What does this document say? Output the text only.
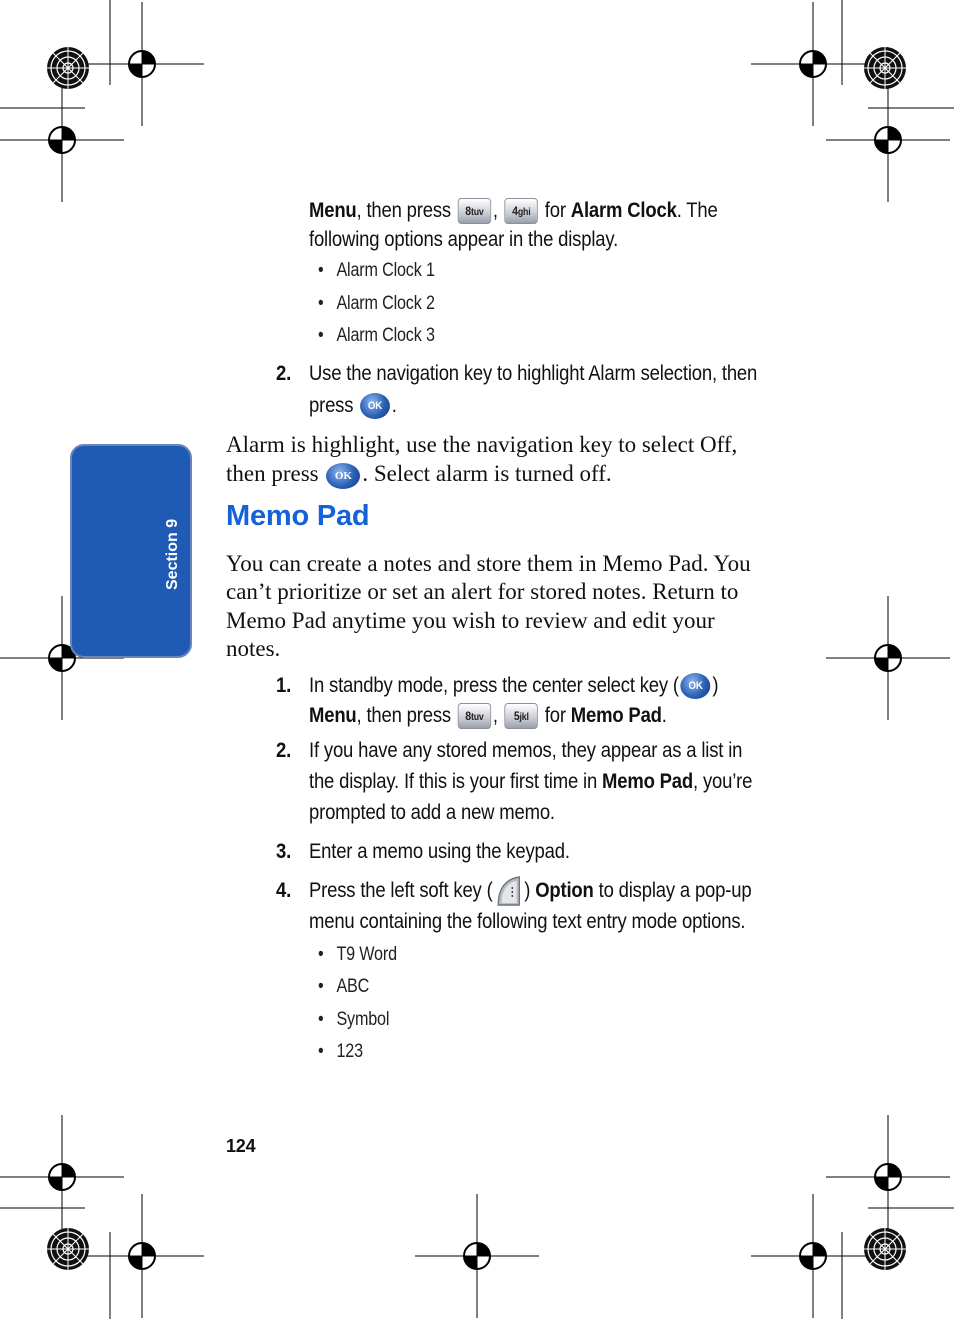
Section 9
Menu, then press 8tuv , 4ghi for Alarm Clock. The
following options appear in the display.
•   Alarm Clock 1
•   Alarm Clock 2
•   Alarm Clock 3
2. Use the navigation key to highlight Alarm selection, then
press OK .
Alarm is highlight, use the navigation key to select Off,
then press OK . Select alarm is turned off.
Memo Pad
You can create a notes and store them in Memo Pad. You
can’t prioritize or set an alert for stored notes. Return to
Memo Pad anytime you wish to review and edit your
notes.
1. In standby mode, press the center select key ( OK )
Menu, then press 8tuv , 5jkl for Memo Pad.
2. If you have any stored memos, they appear as a list in
the display. If this is your first time in Memo Pad, you’re
prompted to add a new memo.
3. Enter a memo using the keypad.
4. Press the left soft key ( ) Option to display a pop-up
menu containing the following text entry mode options.
•   T9 Word
•   ABC
•   Symbol
•   123
124
